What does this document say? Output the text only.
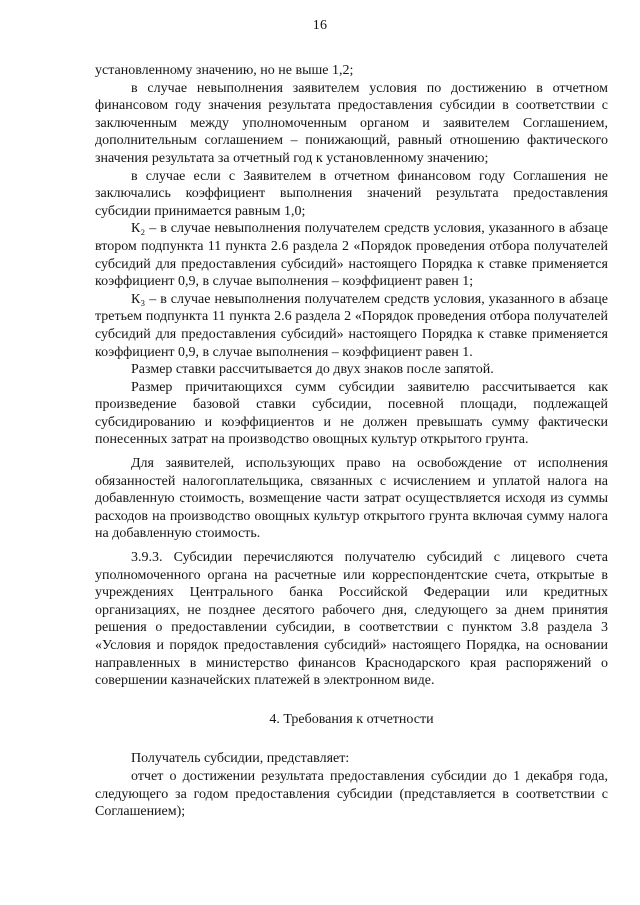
16

установленному значению, но не выше 1,2;

в случае невыполнения заявителем условия по достижению в отчетном финансовом году значения результата предоставления субсидии в соответствии с заключенным между уполномоченным органом и заявителем Соглашением, дополнительным соглашением – понижающий, равный отношению фактического значения результата за отчетный год к установленному значению;

в случае если с Заявителем в отчетном финансовом году Соглашения не заключались коэффициент выполнения значений результата предоставления субсидии принимается равным 1,0;

К₂ – в случае невыполнения получателем средств условия, указанного в абзаце втором подпункта 11 пункта 2.6 раздела 2 «Порядок проведения отбора получателей субсидий для предоставления субсидий» настоящего Порядка к ставке применяется коэффициент 0,9, в случае выполнения – коэффициент равен 1;

К₃ – в случае невыполнения получателем средств условия, указанного в абзаце третьем подпункта 11 пункта 2.6 раздела 2 «Порядок проведения отбора получателей субсидий для предоставления субсидий» настоящего Порядка к ставке применяется коэффициент 0,9, в случае выполнения – коэффициент равен 1.

Размер ставки рассчитывается до двух знаков после запятой.

Размер причитающихся сумм субсидии заявителю рассчитывается как произведение базовой ставки субсидии, посевной площади, подлежащей субсидированию и коэффициентов и не должен превышать сумму фактически понесенных затрат на производство овощных культур открытого грунта.

Для заявителей, использующих право на освобождение от исполнения обязанностей налогоплательщика, связанных с исчислением и уплатой налога на добавленную стоимость, возмещение части затрат осуществляется исходя из суммы расходов на производство овощных культур открытого грунта включая сумму налога на добавленную стоимость.

3.9.3. Субсидии перечисляются получателю субсидий с лицевого счета уполномоченного органа на расчетные или корреспондентские счета, открытые в учреждениях Центрального банка Российской Федерации или кредитных организациях, не позднее десятого рабочего дня, следующего за днем принятия решения о предоставлении субсидии, в соответствии с пунктом 3.8 раздела 3 «Условия и порядок предоставления субсидий» настоящего Порядка, на основании направленных в министерство финансов Краснодарского края распоряжений о совершении казначейских платежей в электронном виде.

4. Требования к отчетности

Получатель субсидии, представляет:

отчет о достижении результата предоставления субсидии до 1 декабря года, следующего за годом предоставления субсидии (представляется в соответствии с Соглашением);
